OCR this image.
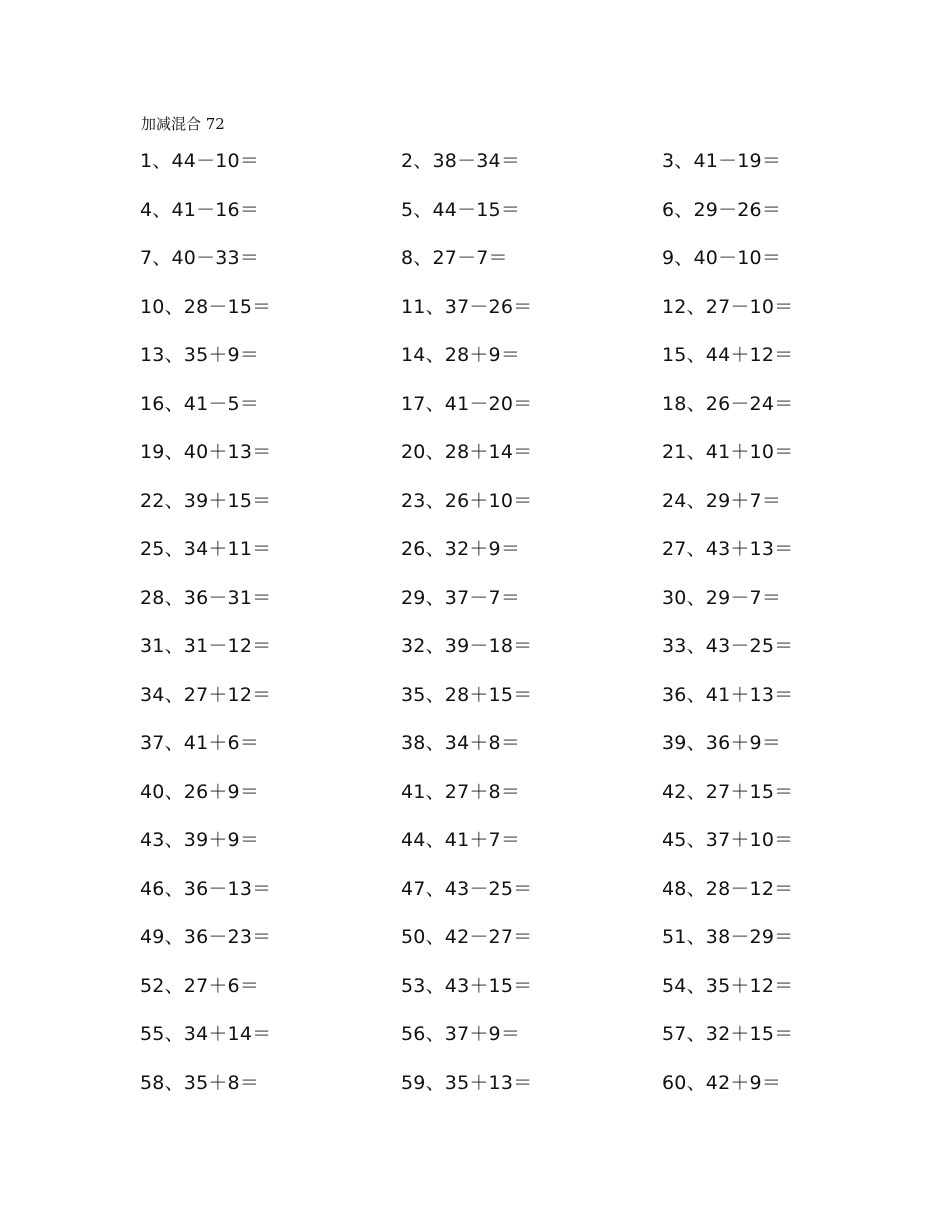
加减混合 72
1、44－10＝	2、38－34＝	3、41－19＝
4、41－16＝	5、44－15＝	6、29－26＝
7、40－33＝	8、27－7＝	9、40－10＝
10、28－15＝	11、37－26＝	12、27－10＝
13、35＋9＝	14、28＋9＝	15、44＋12＝
16、41－5＝	17、41－20＝	18、26－24＝
19、40＋13＝	20、28＋14＝	21、41＋10＝
22、39＋15＝	23、26＋10＝	24、29＋7＝
25、34＋11＝	26、32＋9＝	27、43＋13＝
28、36－31＝	29、37－7＝	30、29－7＝
31、31－12＝	32、39－18＝	33、43－25＝
34、27＋12＝	35、28＋15＝	36、41＋13＝
37、41＋6＝	38、34＋8＝	39、36＋9＝
40、26＋9＝	41、27＋8＝	42、27＋15＝
43、39＋9＝	44、41＋7＝	45、37＋10＝
46、36－13＝	47、43－25＝	48、28－12＝
49、36－23＝	50、42－27＝	51、38－29＝
52、27＋6＝	53、43＋15＝	54、35＋12＝
55、34＋14＝	56、37＋9＝	57、32＋15＝
58、35＋8＝	59、35＋13＝	60、42＋9＝
